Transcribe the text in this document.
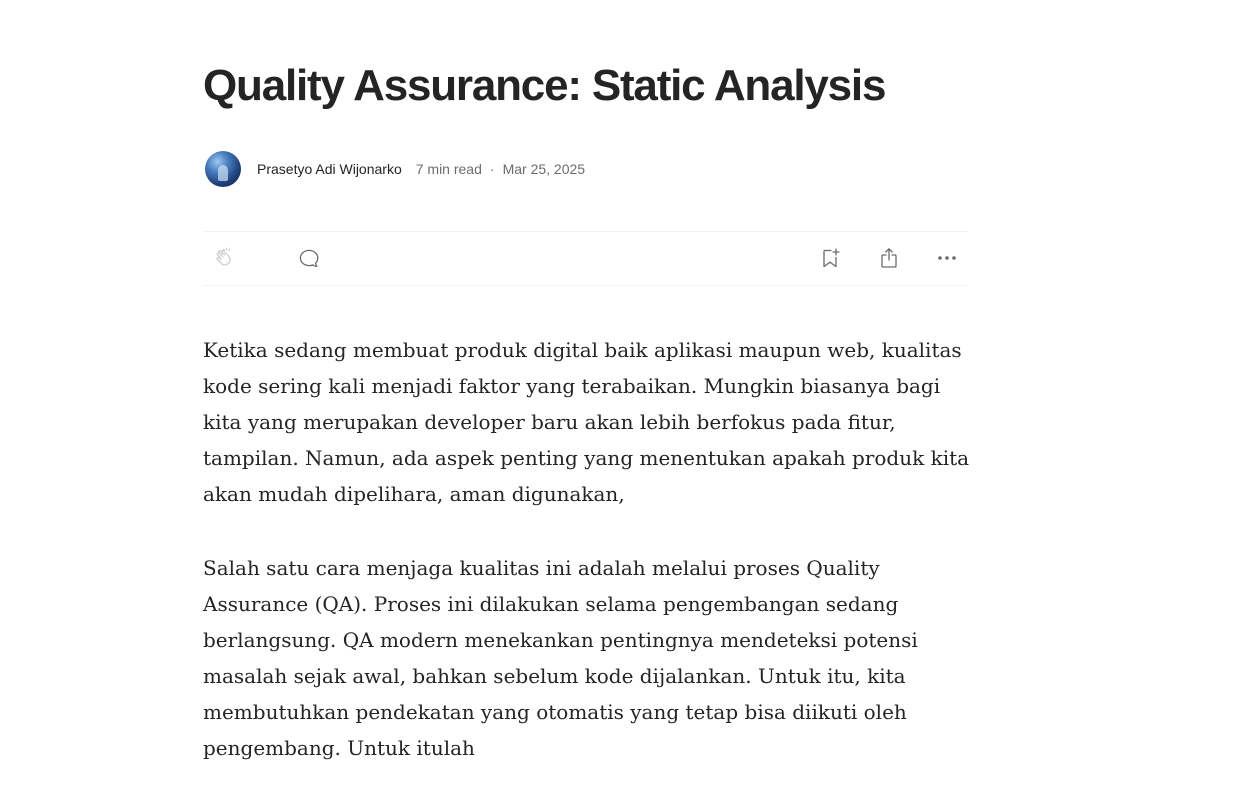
Quality Assurance: Static Analysis
Prasetyo Adi Wijonarko 7 min read · Mar 25, 2025

Ketika sedang membuat produk digital baik aplikasi maupun web, kualitas kode sering kali menjadi faktor yang terabaikan. Mungkin biasanya bagi kita yang merupakan developer baru akan lebih berfokus pada fitur, tampilan. Namun, ada aspek penting yang menentukan apakah produk kita akan mudah dipelihara, aman digunakan,

Salah satu cara menjaga kualitas ini adalah melalui proses Quality Assurance (QA). Proses ini dilakukan selama pengembangan sedang berlangsung. QA modern menekankan pentingnya mendeteksi potensi masalah sejak awal, bahkan sebelum kode dijalankan. Untuk itu, kita membutuhkan pendekatan yang otomatis yang tetap bisa diikuti oleh pengembang. Untuk itulah
